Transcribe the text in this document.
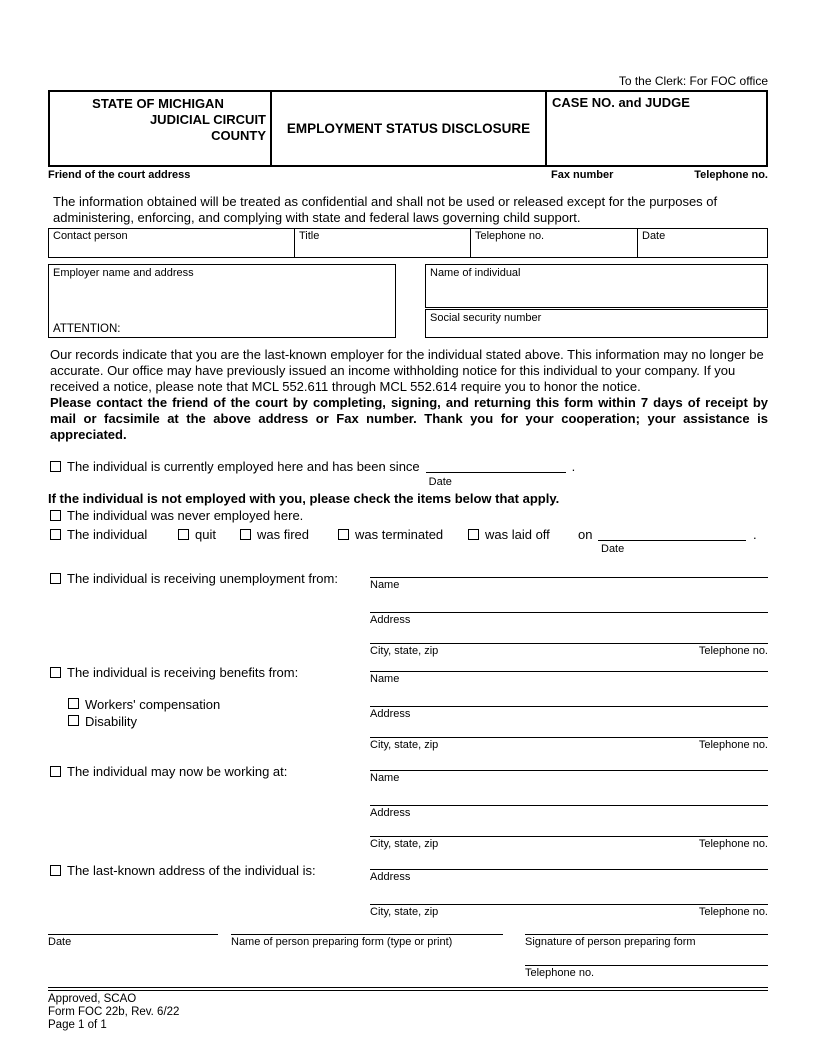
To the Clerk: For FOC office
STATE OF MICHIGAN
JUDICIAL CIRCUIT
COUNTY	EMPLOYMENT STATUS DISCLOSURE
CASE NO. and JUDGE
Friend of the court address	Fax number	Telephone no.
The information obtained will be treated as confidential and shall not be used or released except for the purposes of administering, enforcing, and complying with state and federal laws governing child support.
Contact person	Title	Telephone no.	Date
Employer name and address
ATTENTION:
Name of individual
Social security number
Our records indicate that you are the last-known employer for the individual stated above. This information may no longer be accurate. Our office may have previously issued an income withholding notice for this individual to your company. If you received a notice, please note that MCL 552.611 through MCL 552.614 require you to honor the notice.
Please contact the friend of the court by completing, signing, and returning this form within 7 days of receipt by mail or facsimile at the above address or Fax number. Thank you for your cooperation; your assistance is appreciated.
The individual is currently employed here and has been since
Date
.
If the individual is not employed with you, please check the items below that apply.
The individual was never employed here.
The individual	quit	was fired	was terminated	was laid off on
Date
.
The individual is receiving unemployment from:	Name
Address
City, state, zip	Telephone no.
The individual is receiving benefits from:
Workers' compensation
Disability
Name
Address
City, state, zip	Telephone no.
The individual may now be working at:	Name
Address
City, state, zip	Telephone no.
The last-known address of the individual is:	Address
City, state, zip	Telephone no.
Date	Name of person preparing form (type or print)	Signature of person preparing form
Telephone no.
Approved, SCAO
Form FOC 22b, Rev. 6/22
Page 1 of 1
